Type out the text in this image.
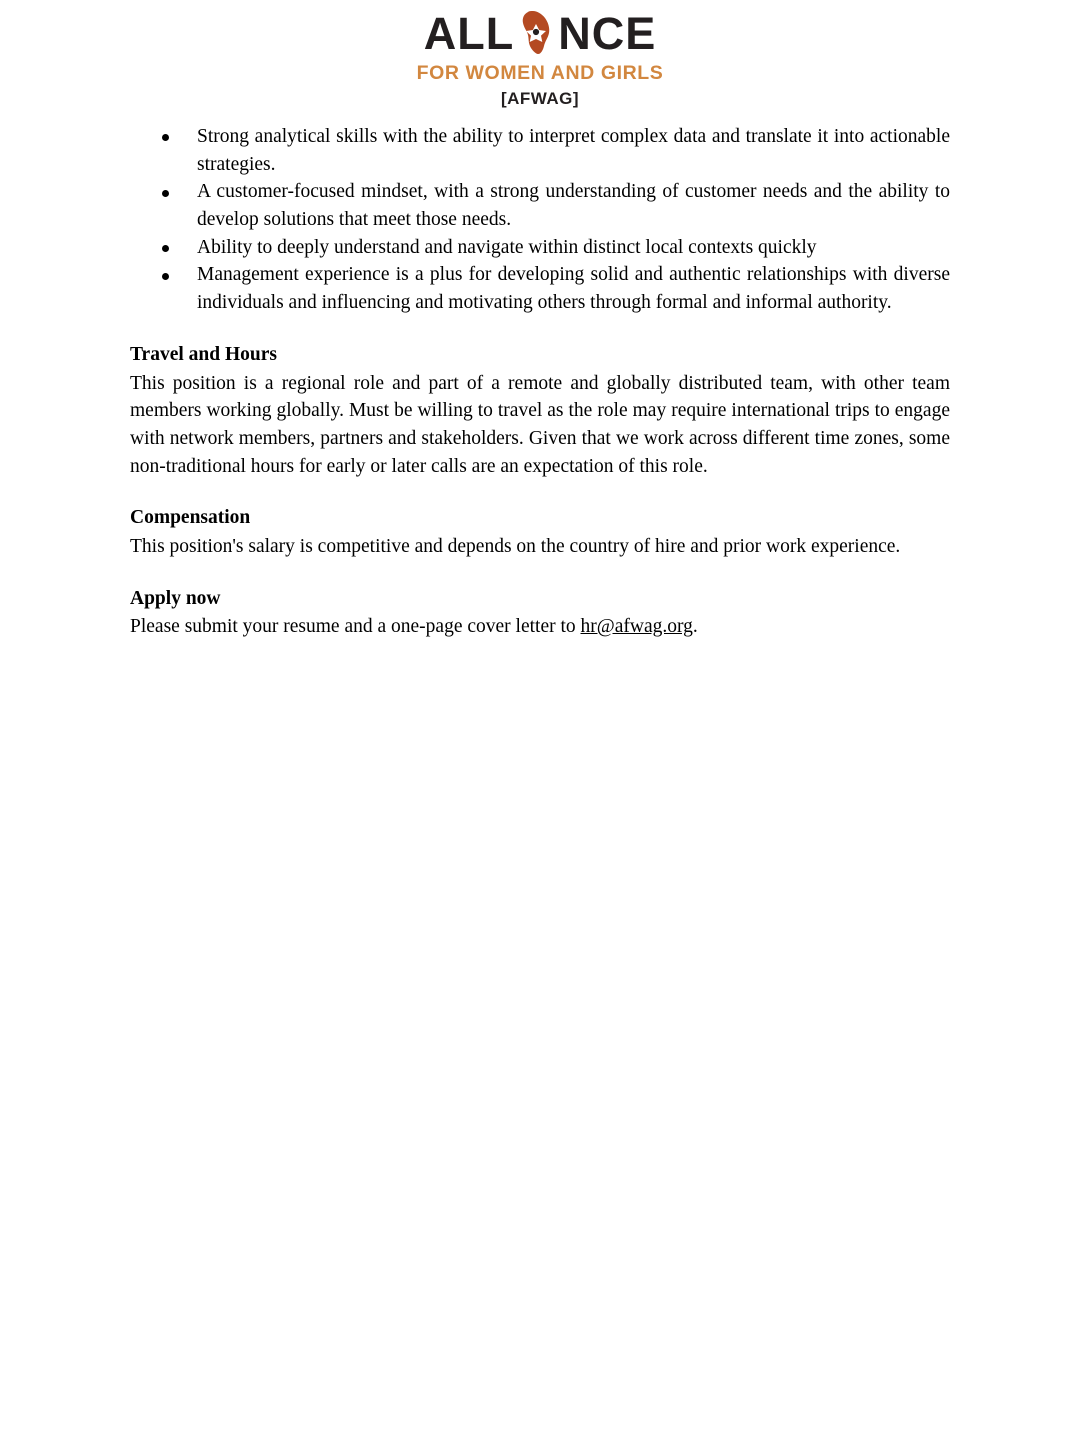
ALL NCE
FOR WOMEN AND GIRLS
[AFWAG]
Strong analytical skills with the ability to interpret complex data and translate it into actionable strategies.
A customer-focused mindset, with a strong understanding of customer needs and the ability to develop solutions that meet those needs.
Ability to deeply understand and navigate within distinct local contexts quickly
Management experience is a plus for developing solid and authentic relationships with diverse individuals and influencing and motivating others through formal and informal authority.
Travel and Hours
This position is a regional role and part of a remote and globally distributed team, with other team members working globally. Must be willing to travel as the role may require international trips to engage with network members, partners and stakeholders. Given that we work across different time zones, some non-traditional hours for early or later calls are an expectation of this role.
Compensation
This position's salary is competitive and depends on the country of hire and prior work experience.
Apply now
Please submit your resume and a one-page cover letter to hr@afwag.org.
